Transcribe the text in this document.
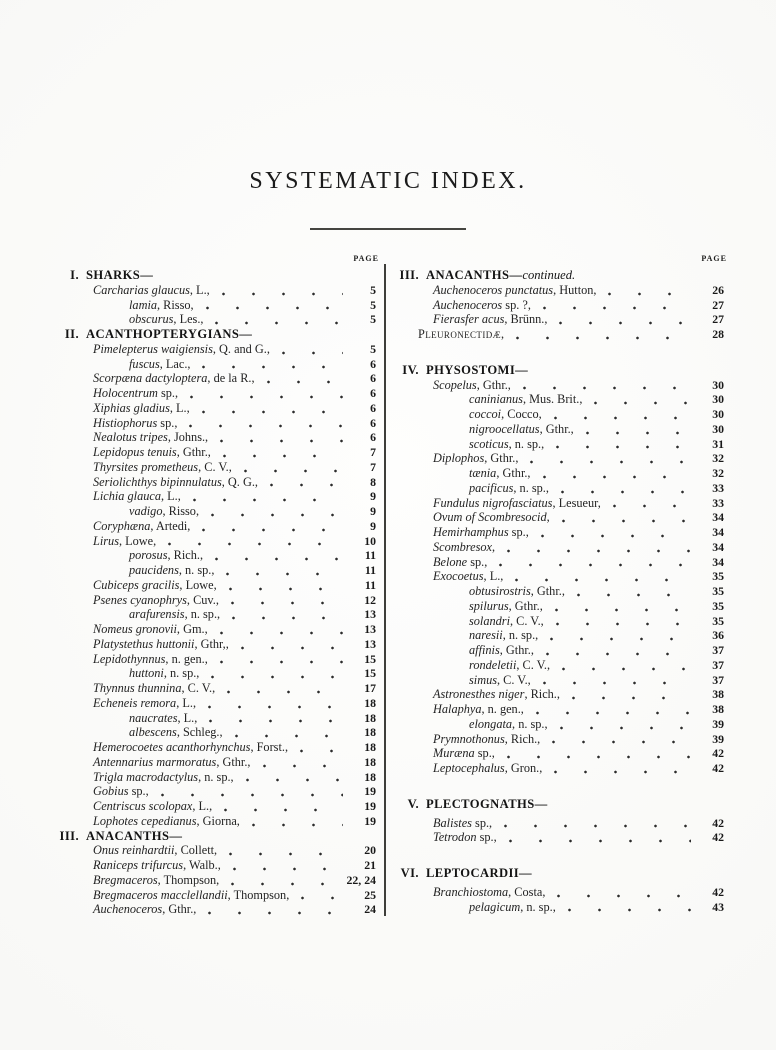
SYSTEMATIC INDEX.
PAGE
I. SHARKS—
Carcharias glaucus, L.,	5
lamia, Risso,	5
obscurus, Les.,	5
II. ACANTHOPTERYGIANS—
Pimelepterus waigiensis, Q. and G.,	5
fuscus, Lac.,	6
Scorpæna dactyloptera, de la R.,	6
Holocentrum sp.,	6
Xiphias gladius, L.,	6
Histiophorus sp.,	6
Nealotus tripes, Johns.,	6
Lepidopus tenuis, Gthr.,	7
Thyrsites prometheus, C. V.,	7
Seriolichthys bipinnulatus, Q. G.,	8
Lichia glauca, L.,	9
vadigo, Risso,	9
Coryphæna, Artedi,	9
Lirus, Lowe,	10
porosus, Rich.,	11
paucidens, n. sp.,	11
Cubiceps gracilis, Lowe,	11
Psenes cyanophrys, Cuv.,	12
arafurensis, n. sp.,	13
Nomeus gronovii, Gm.,	13
Platystethus huttonii, Gthr,,	13
Lepidothynnus, n. gen.,	15
huttoni, n. sp.,	15
Thynnus thunnina, C. V.,	17
Echeneis remora, L.,	18
naucrates, L.,	18
albescens, Schleg.,	18
Hemerocoetes acanthorhynchus, Forst.,	18
Antennarius marmoratus, Gthr.,	18
Trigla macrodactylus, n. sp.,	18
Gobius sp.,	19
Centriscus scolopax, L.,	19
Lophotes cepedianus, Giorna,	19
III. ANACANTHS—
Onus reinhardtii, Collett,	20
Raniceps trifurcus, Walb.,	21
Bregmaceros, Thompson,	22, 24
Bregmaceros macclellandii, Thompson,	25
Auchenoceros, Gthr.,	24
PAGE
III. ANACANTHS—continued.
Auchenoceros punctatus, Hutton,	26
Auchenoceros sp. ?,	27
Fierasfer acus, Brünn.,	27
Pleuronectidæ,	28
IV. PHYSOSTOMI—
Scopelus, Gthr.,	30
caninianus, Mus. Brit.,	30
coccoi, Cocco,	30
nigroocellatus, Gthr.,	30
scoticus, n. sp.,	31
Diplophos, Gthr.,	32
tænia, Gthr.,	32
pacificus, n. sp.,	33
Fundulus nigrofasciatus, Lesueur,	33
Ovum of Scombresocid,	34
Hemirhamphus sp.,	34
Scombresox,	34
Belone sp.,	34
Exocoetus, L.,	35
obtusirostris, Gthr.,	35
spilurus, Gthr.,	35
solandri, C. V.,	35
naresii, n. sp.,	36
affinis, Gthr.,	37
rondeletii, C. V.,	37
simus, C. V.,	37
Astronesthes niger, Rich.,	38
Halaphya, n. gen.,	38
elongata, n. sp.,	39
Prymnothonus, Rich.,	39
Muræna sp.,	42
Leptocephalus, Gron.,	42
V. PLECTOGNATHS—
Balistes sp.,	42
Tetrodon sp.,	42
VI. LEPTOCARDII—
Branchiostoma, Costa,	42
pelagicum, n. sp.,	43
